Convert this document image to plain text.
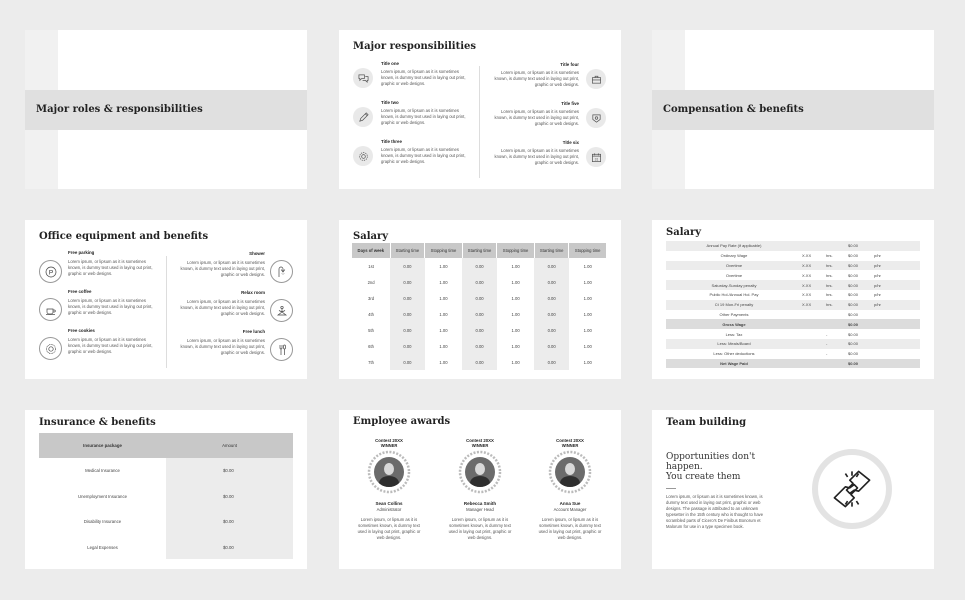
Major roles & responsibilities
Major responsibilities
Title one
Lorem ipsum, or lipsum as it is sometimes known, is dummy text used in laying out print, graphic or web designs.
Title two
Lorem ipsum, or lipsum as it is sometimes known, is dummy text used in laying out print, graphic or web designs.
Title three
Lorem ipsum, or lipsum as it is sometimes known, is dummy text used in laying out print, graphic or web designs.
Title four
Lorem ipsum, or lipsum as it is sometimes known, is dummy text used in laying out print, graphic or web designs.
Title five
Lorem ipsum, or lipsum as it is sometimes known, is dummy text used in laying out print, graphic or web designs.
Title six
Lorem ipsum, or lipsum as it is sometimes known, is dummy text used in laying out print, graphic or web designs.
31
Compensation & benefits
Office equipment and benefits
P
Free parking
Lorem ipsum, or lipsum as it is sometimes known, is dummy text used in laying out print, graphic or web designs.
Free coffee
Lorem ipsum, or lipsum as it is sometimes known, is dummy text used in laying out print, graphic or web designs.
Free cookies
Lorem ipsum, or lipsum as it is sometimes known, is dummy text used in laying out print, graphic or web designs.
Shower
Lorem ipsum, or lipsum as it is sometimes known, is dummy text used in laying out print, graphic or web designs.
Relax room
Lorem ipsum, or lipsum as it is sometimes known, is dummy text used in laying out print, graphic or web designs.
Free lunch
Lorem ipsum, or lipsum as it is sometimes known, is dummy text used in laying out print, graphic or web designs.
Salary
Days of week	Starting time	Stopping time	Starting time	Stopping time	Starting time	Stopping time
1st	0.00	1.00	0.00	1.00	0.00	1.00
2nd	0.00	1.00	0.00	1.00	0.00	1.00
3rd	0.00	1.00	0.00	1.00	0.00	1.00
4th	0.00	1.00	0.00	1.00	0.00	1.00
5th	0.00	1.00	0.00	1.00	0.00	1.00
6th	0.00	1.00	0.00	1.00	0.00	1.00
7th	0.00	1.00	0.00	1.00	0.00	1.00
Salary
Annual Pay Rate (if applicable)			$0.00	
Ordinary Wage	X.XX	hrs.	$0.00	p/hr
Overtime	X.XX	hrs.	$0.00	p/hr
Overtime	X.XX	hrs.	$0.00	p/hr
Saturday-Sunday penalty	X.XX	hrs.	$0.00	p/hr
Public Hol./Annual Hol. Pay	X.XX	hrs.	$0.00	p/hr
Ct 19 Mon-Fri penalty	X.XX	hrs.	$0.00	p/hr
Other Payments			$0.00	
Gross Wage			$0.00	
Less: Tax		-	$0.00	
Less: Meals/Board		-	$0.00	
Less: Other deductions		-	$0.00	
Net Wage Paid			$0.00	
Insurance & benefits
Insurance package	Amount
Medical Insurance	$0.00
Unemployment Insurance	$0.00
Disability Insurance	$0.00
Legal Expenses	$0.00
Employee awards
Contest 20XX
WINNER
Sean Collins
Administrator
Lorem ipsum, or lipsum as it is sometimes known, is dummy text used in laying out print, graphic or web designs.
Contest 20XX
WINNER
Rebecca Smith
Manager Head
Lorem ipsum, or lipsum as it is sometimes known, is dummy text used in laying out print, graphic or web designs.
Contest 20XX
WINNER
Anna Sue
Account Manager
Lorem ipsum, or lipsum as it is sometimes known, is dummy text used in laying out print, graphic or web designs.
Team building
Opportunities don't
happen.
You create them
Lorem ipsum, or lipsum as it is sometimes known, is dummy text used in laying out print, graphic or web designs. The passage is attributed to an unknown typesetter in the 15th century who is thought to have scrambled parts of Cicero's De Finibus Bonorum et Malorum for use in a type specimen book.
